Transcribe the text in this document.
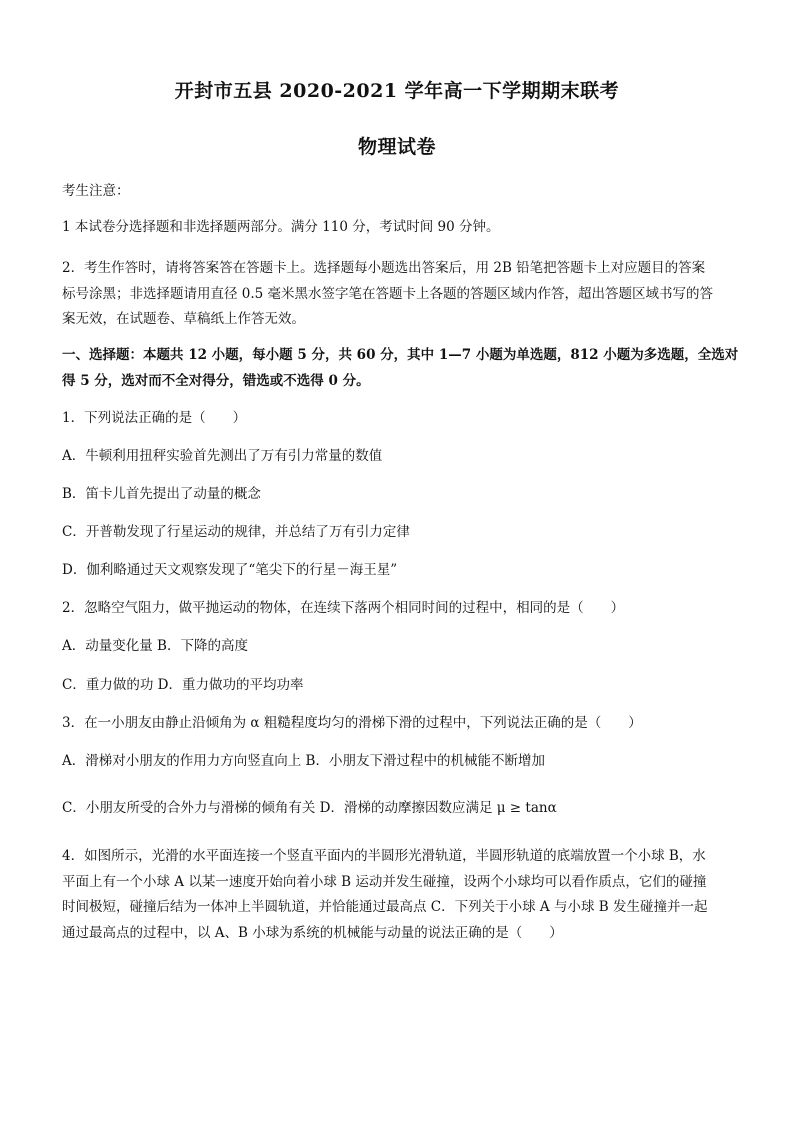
开封市五县 2020-2021 学年高一下学期期末联考
物理试卷
考生注意：
1 本试卷分选择题和非选择题两部分。满分 110 分，考试时间 90 分钟。
2．考生作答时，请将答案答在答题卡上。选择题每小题选出答案后，用 2B 铅笔把答题卡上对应题目的答案
标号涂黑；非选择题请用直径 0.5 毫米黑水签字笔在答题卡上各题的答题区域内作答，超出答题区域书写的答
案无效，在试题卷、草稿纸上作答无效。
一、选择题：本题共 12 小题，每小题 5 分，共 60 分，其中 1—7 小题为单选题，812 小题为多选题，全选对
得 5 分，选对而不全对得分，错选或不选得 0 分。
1．下列说法正确的是（　　）
A．牛顿利用扭秤实验首先测出了万有引力常量的数值
B．笛卡儿首先提出了动量的概念
C．开普勒发现了行星运动的规律，并总结了万有引力定律
D．伽利略通过天文观察发现了“笔尖下的行星－海王星”
2．忽略空气阻力，做平抛运动的物体，在连续下落两个相同时间的过程中，相同的是（　　）
A．动量变化量 B．下降的高度
C．重力做的功 D．重力做功的平均功率
3．在一小朋友由静止沿倾角为 α 粗糙程度均匀的滑梯下滑的过程中，下列说法正确的是（　　）
A．滑梯对小朋友的作用力方向竖直向上 B．小朋友下滑过程中的机械能不断增加
C．小朋友所受的合外力与滑梯的倾角有关 D．滑梯的动摩擦因数应满足 μ ≥ tanα
4．如图所示，光滑的水平面连接一个竖直平面内的半圆形光滑轨道，半圆形轨道的底端放置一个小球 B，水
平面上有一个小球 A 以某一速度开始向着小球 B 运动并发生碰撞，设两个小球均可以看作质点，它们的碰撞
时间极短，碰撞后结为一体冲上半圆轨道，并恰能通过最高点 C．下列关于小球 A 与小球 B 发生碰撞并一起
通过最高点的过程中，以 A、B 小球为系统的机械能与动量的说法正确的是（　　）
